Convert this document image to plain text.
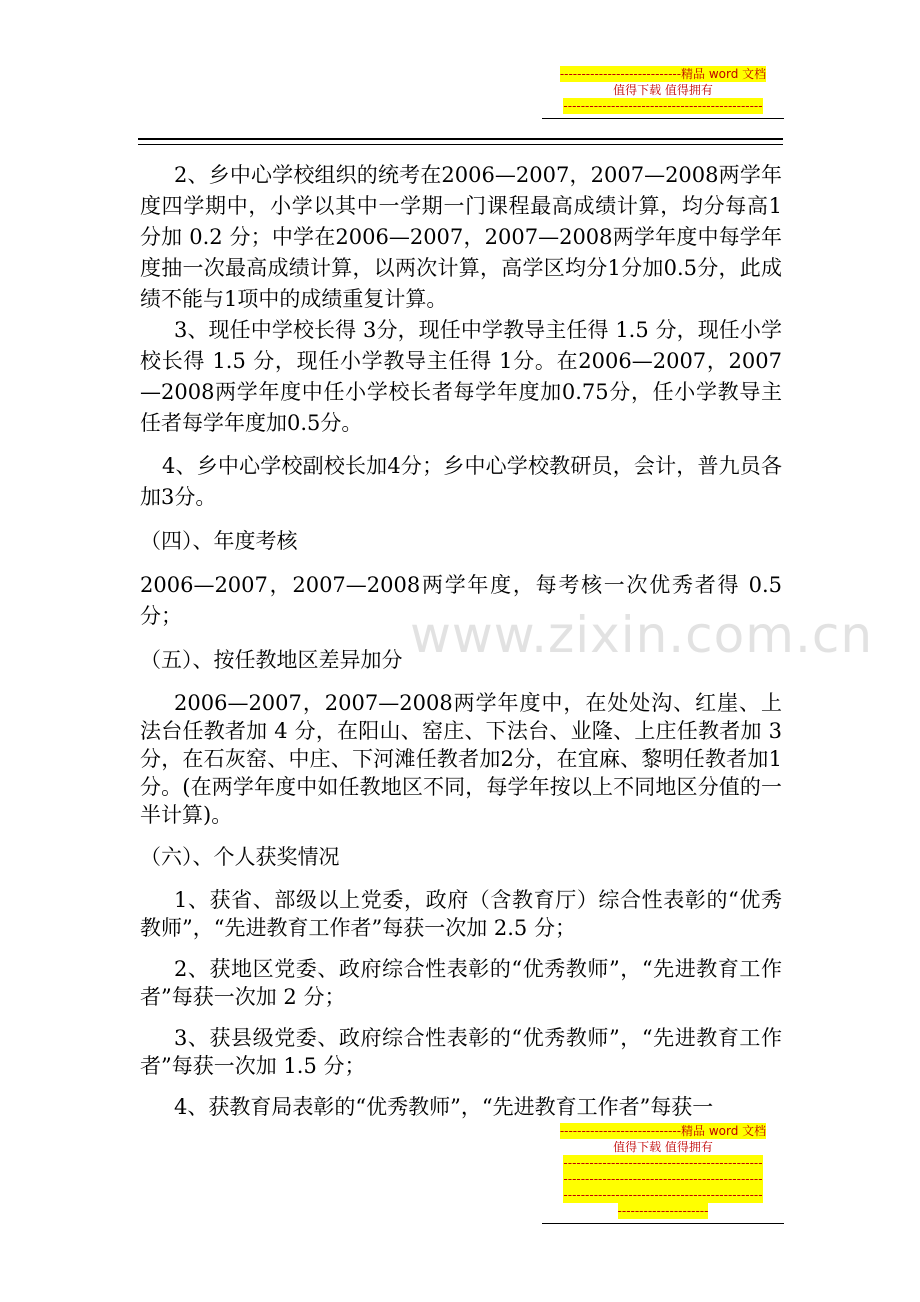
----------------------------精品 word 文档
值得下载 值得拥有
----------------------------------------------
www.zixin.com.cn

2、乡中心学校组织的统考在2006—2007，2007—2008两学年度四学期中，小学以其中一学期一门课程最高成绩计算，均分每高1分加 0.2 分；中学在2006—2007，2007—2008两学年度中每学年度抽一次最高成绩计算，以两次计算，高学区均分1分加0.5分，此成绩不能与1项中的成绩重复计算。

3、现任中学校长得 3分，现任中学教导主任得 1.5 分，现任小学校长得 1.5 分，现任小学教导主任得 1分。在2006—2007，2007—2008两学年度中任小学校长者每学年度加0.75分，任小学教导主任者每学年度加0.5分。

4、乡中心学校副校长加4分；乡中心学校教研员，会计，普九员各加3分。

（四）、年度考核

2006—2007，2007—2008两学年度，每考核一次优秀者得 0.5分；

（五）、按任教地区差异加分

2006—2007，2007—2008两学年度中，在处处沟、红崖、上法台任教者加 4 分，在阳山、窑庄、下法台、业隆、上庄任教者加 3 分，在石灰窑、中庄、下河滩任教者加2分，在宜麻、黎明任教者加1分。(在两学年度中如任教地区不同，每学年按以上不同地区分值的一半计算)。

（六）、个人获奖情况

1、获省、部级以上党委，政府（含教育厅）综合性表彰的“优秀教师”，“先进教育工作者”每获一次加 2.5 分；

2、获地区党委、政府综合性表彰的“优秀教师”，“先进教育工作者”每获一次加 2 分；

3、获县级党委、政府综合性表彰的“优秀教师”，“先进教育工作者”每获一次加 1.5 分；

4、获教育局表彰的“优秀教师”，“先进教育工作者”每获一

----------------------------精品 word 文档
值得下载 值得拥有
----------------------------------------------
----------------------------------------------
----------------------------------------------
---------------------
